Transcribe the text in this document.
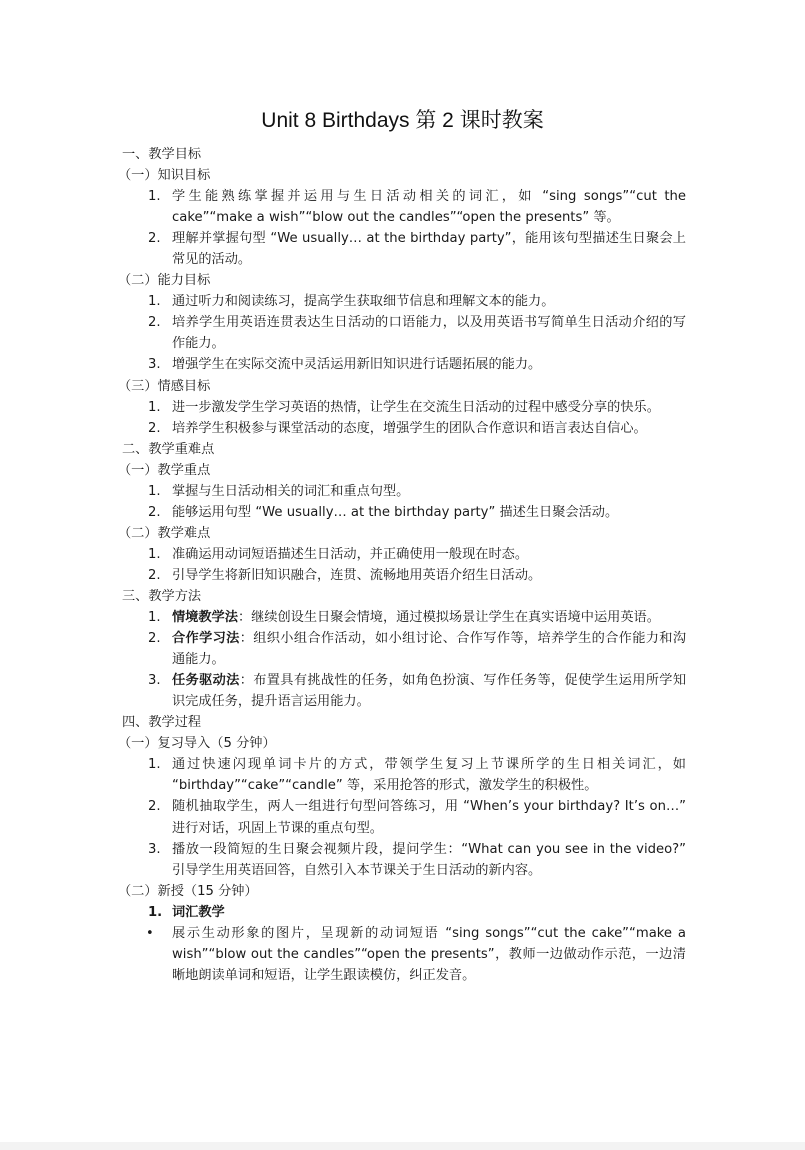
Unit 8 Birthdays 第 2 课时教案
一、教学目标
（一）知识目标
1. 学生能熟练掌握并运用与生日活动相关的词汇，如 “sing songs”“cut the cake”“make a wish”“blow out the candles”“open the presents” 等。
2. 理解并掌握句型 “We usually… at the birthday party”，能用该句型描述生日聚会上常见的活动。
（二）能力目标
1. 通过听力和阅读练习，提高学生获取细节信息和理解文本的能力。
2. 培养学生用英语连贯表达生日活动的口语能力，以及用英语书写简单生日活动介绍的写作能力。
3. 增强学生在实际交流中灵活运用新旧知识进行话题拓展的能力。
（三）情感目标
1. 进一步激发学生学习英语的热情，让学生在交流生日活动的过程中感受分享的快乐。
2. 培养学生积极参与课堂活动的态度，增强学生的团队合作意识和语言表达自信心。
二、教学重难点
（一）教学重点
1. 掌握与生日活动相关的词汇和重点句型。
2. 能够运用句型 “We usually… at the birthday party” 描述生日聚会活动。
（二）教学难点
1. 准确运用动词短语描述生日活动，并正确使用一般现在时态。
2. 引导学生将新旧知识融合，连贯、流畅地用英语介绍生日活动。
三、教学方法
1. 情境教学法：继续创设生日聚会情境，通过模拟场景让学生在真实语境中运用英语。
2. 合作学习法：组织小组合作活动，如小组讨论、合作写作等，培养学生的合作能力和沟通能力。
3. 任务驱动法：布置具有挑战性的任务，如角色扮演、写作任务等，促使学生运用所学知识完成任务，提升语言运用能力。
四、教学过程
（一）复习导入（5 分钟）
1. 通过快速闪现单词卡片的方式，带领学生复习上节课所学的生日相关词汇，如 “birthday”“cake”“candle” 等，采用抢答的形式，激发学生的积极性。
2. 随机抽取学生，两人一组进行句型问答练习，用 “When’s your birthday? It’s on…” 进行对话，巩固上节课的重点句型。
3. 播放一段简短的生日聚会视频片段，提问学生：“What can you see in the video?” 引导学生用英语回答，自然引入本节课关于生日活动的新内容。
（二）新授（15 分钟）
1. 词汇教学
• 展示生动形象的图片，呈现新的动词短语 “sing songs”“cut the cake”“make a wish”“blow out the candles”“open the presents”，教师一边做动作示范，一边清晰地朗读单词和短语，让学生跟读模仿，纠正发音。
